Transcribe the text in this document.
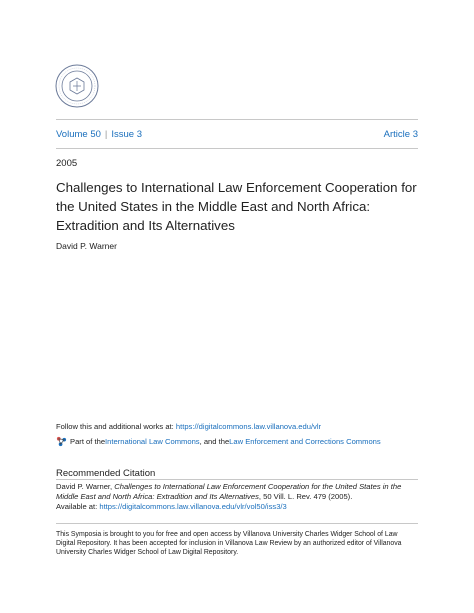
Volume 50 | Issue 3	Article 3
2005
Challenges to International Law Enforcement Cooperation for the United States in the Middle East and North Africa: Extradition and Its Alternatives
David P. Warner
Follow this and additional works at: https://digitalcommons.law.villanova.edu/vlr
Part of the International Law Commons , and the Law Enforcement and Corrections Commons
Recommended Citation
David P. Warner, Challenges to International Law Enforcement Cooperation for the United States in the Middle East and North Africa: Extradition and Its Alternatives, 50 Vill. L. Rev. 479 (2005).
Available at: https://digitalcommons.law.villanova.edu/vlr/vol50/iss3/3
This Symposia is brought to you for free and open access by Villanova University Charles Widger School of Law Digital Repository. It has been accepted for inclusion in Villanova Law Review by an authorized editor of Villanova University Charles Widger School of Law Digital Repository.
